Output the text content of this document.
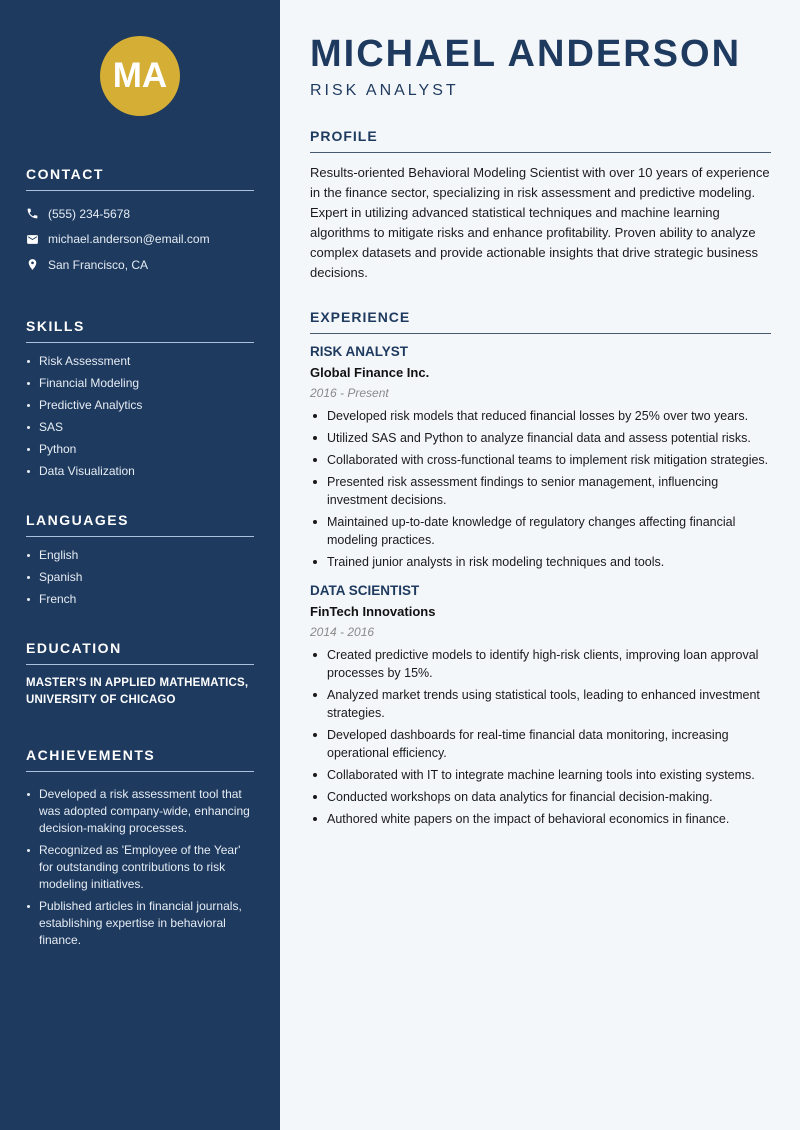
MA
CONTACT
(555) 234-5678
michael.anderson@email.com
San Francisco, CA
SKILLS
Risk Assessment
Financial Modeling
Predictive Analytics
SAS
Python
Data Visualization
LANGUAGES
English
Spanish
French
EDUCATION

MASTER'S IN APPLIED MATHEMATICS, UNIVERSITY OF CHICAGO

ACHIEVEMENTS
Developed a risk assessment tool that was adopted company-wide, enhancing decision-making processes.
Recognized as 'Employee of the Year' for outstanding contributions to risk modeling initiatives.
Published articles in financial journals, establishing expertise in behavioral finance.
MICHAEL ANDERSON
RISK ANALYST
PROFILE

Results-oriented Behavioral Modeling Scientist with over 10 years of experience in the finance sector, specializing in risk assessment and predictive modeling. Expert in utilizing advanced statistical techniques and machine learning algorithms to mitigate risks and enhance profitability. Proven ability to analyze complex datasets and provide actionable insights that drive strategic business decisions.

EXPERIENCE
RISK ANALYST
Global Finance Inc.
2016 - Present
Developed risk models that reduced financial losses by 25% over two years.
Utilized SAS and Python to analyze financial data and assess potential risks.
Collaborated with cross-functional teams to implement risk mitigation strategies.
Presented risk assessment findings to senior management, influencing investment decisions.
Maintained up-to-date knowledge of regulatory changes affecting financial modeling practices.
Trained junior analysts in risk modeling techniques and tools.
DATA SCIENTIST
FinTech Innovations
2014 - 2016
Created predictive models to identify high-risk clients, improving loan approval processes by 15%.
Analyzed market trends using statistical tools, leading to enhanced investment strategies.
Developed dashboards for real-time financial data monitoring, increasing operational efficiency.
Collaborated with IT to integrate machine learning tools into existing systems.
Conducted workshops on data analytics for financial decision-making.
Authored white papers on the impact of behavioral economics in finance.
